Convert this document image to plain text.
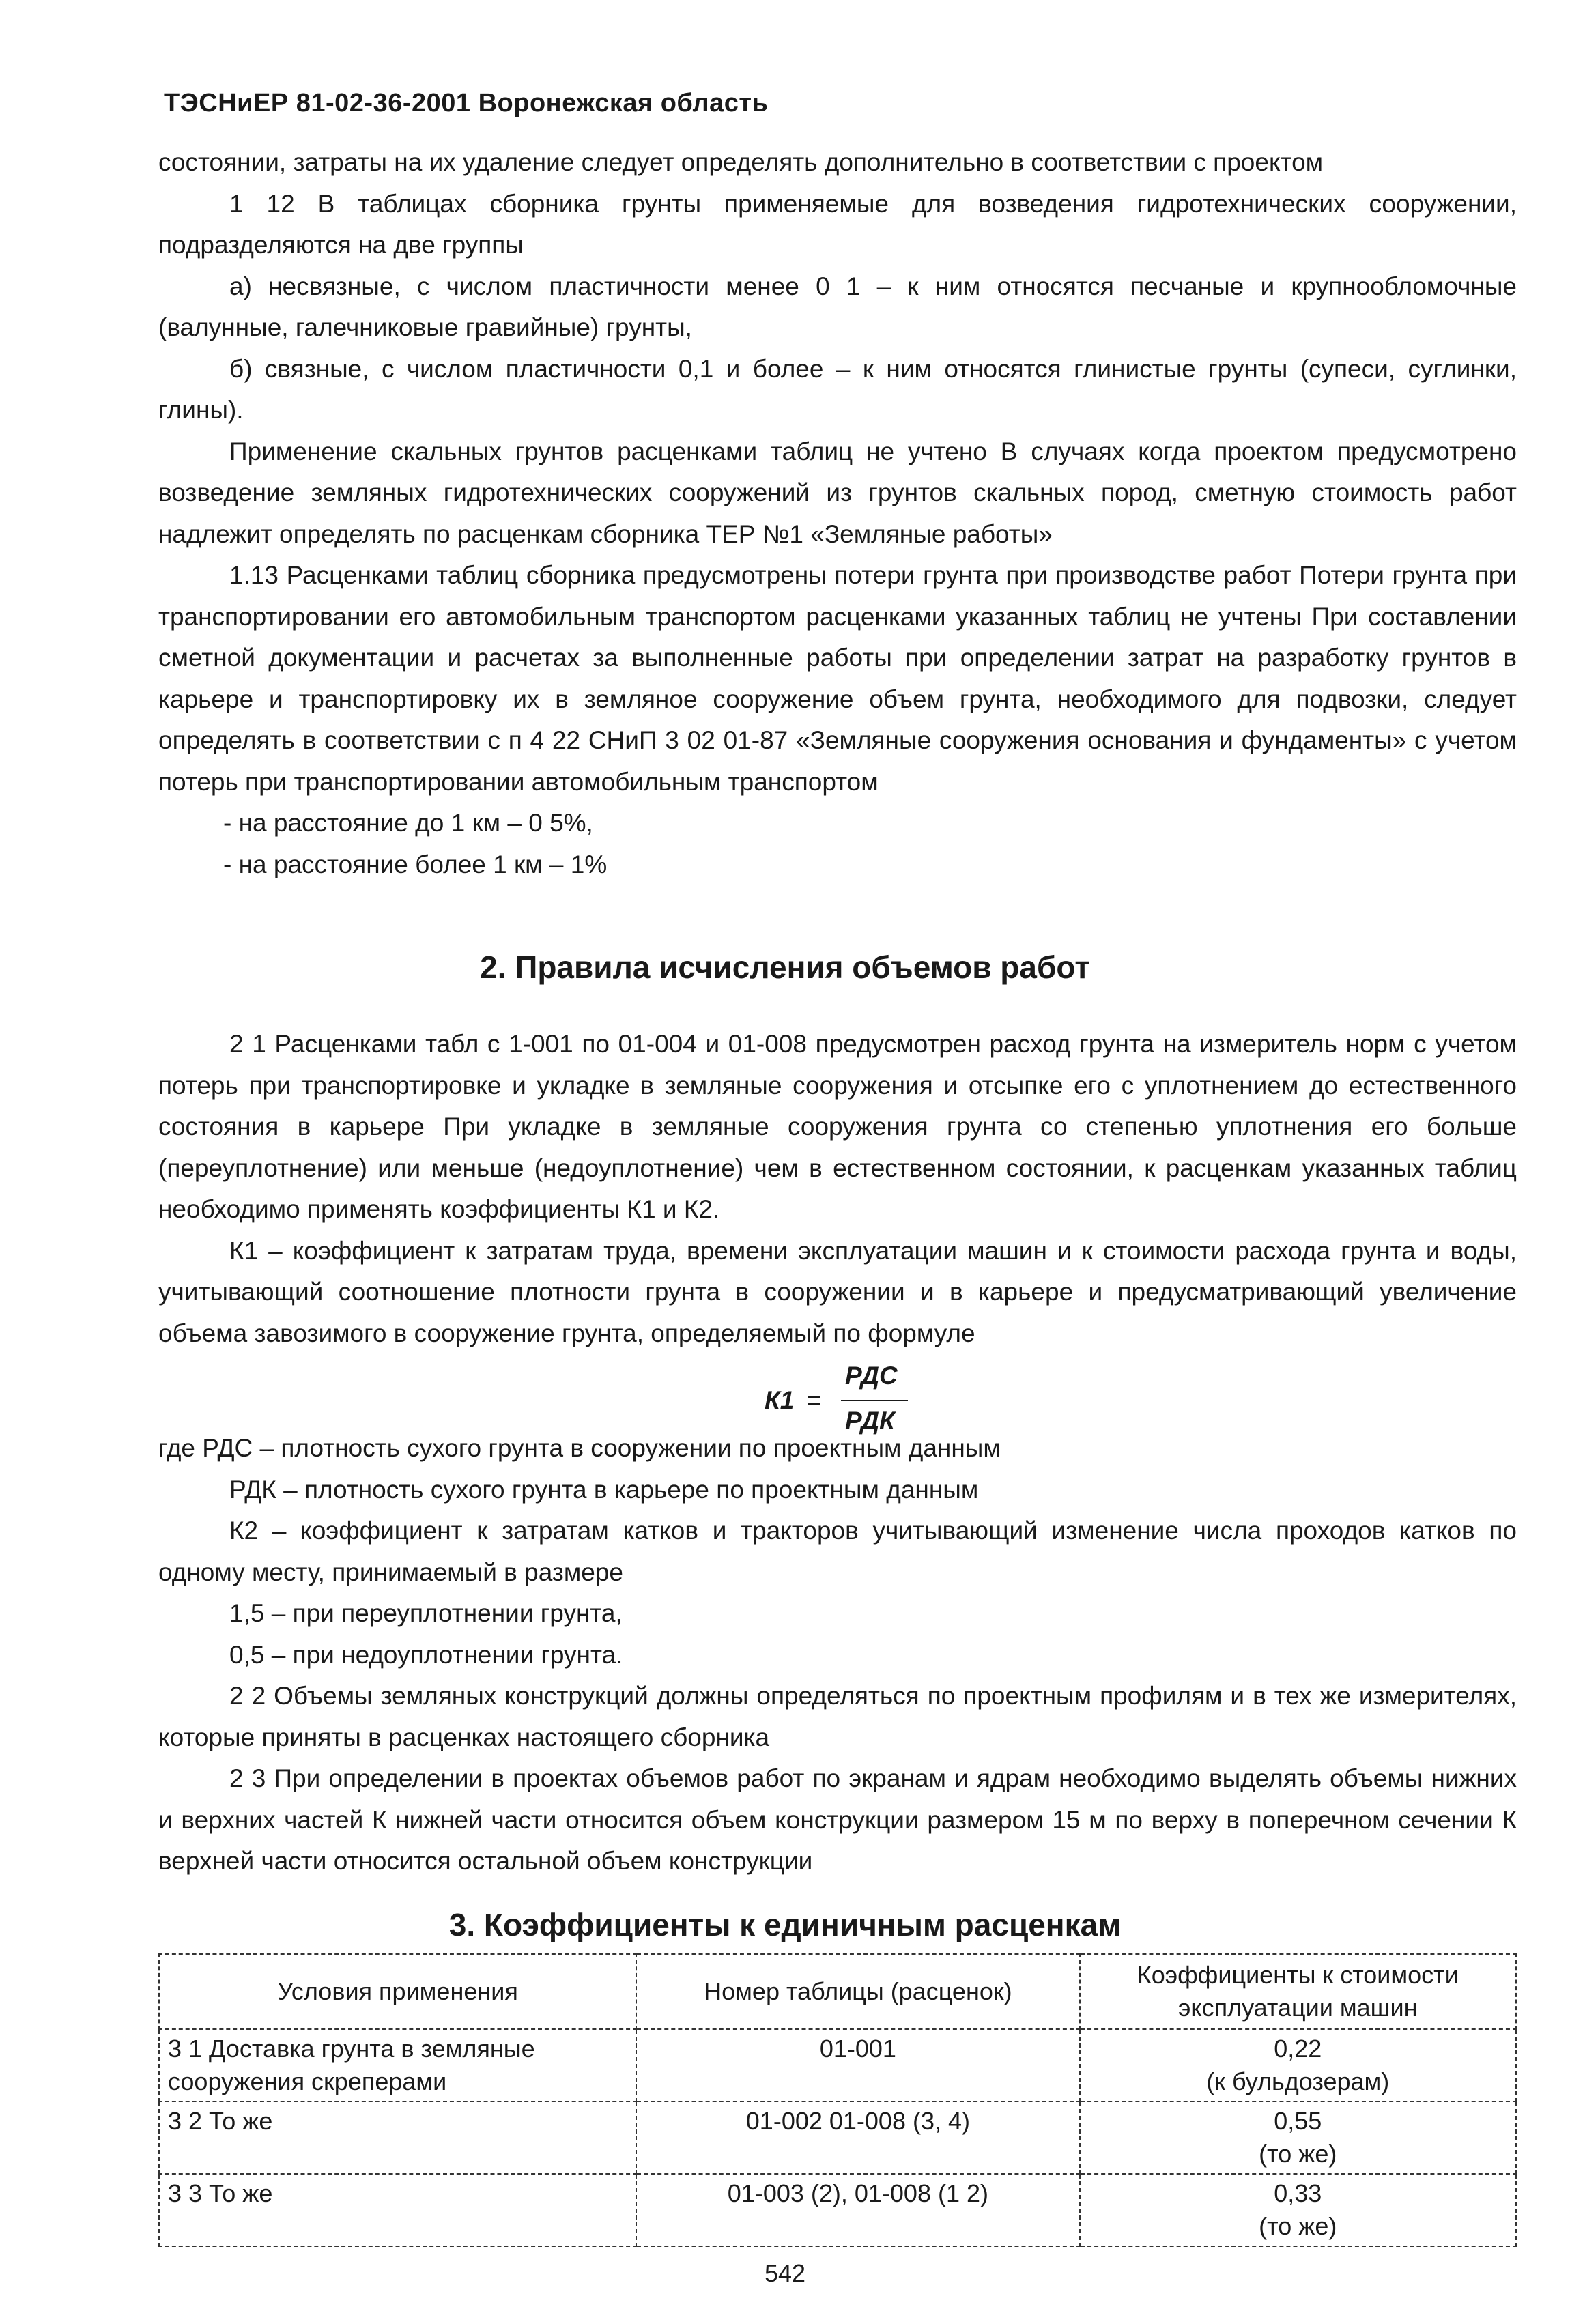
ТЭСНиЕР 81-02-36-2001 Воронежская область

состоянии, затраты на их удаление следует определять дополнительно в соответствии с проектом

1 12 В таблицах сборника грунты применяемые для возведения гидротехнических сооружении, подразделяются на две группы

а) несвязные, с числом пластичности менее 0 1 – к ним относятся песчаные и крупнообломочные (валунные, галечниковые гравийные) грунты,

б) связные, с числом пластичности 0,1 и более – к ним относятся глинистые грунты (супеси, суглинки, глины).

Применение скальных грунтов расценками таблиц не учтено В случаях когда проектом предусмотрено возведение земляных гидротехнических сооружений из грунтов скальных пород, сметную стоимость работ надлежит определять по расценкам сборника ТЕР №1 «Земляные работы»

1.13 Расценками таблиц сборника предусмотрены потери грунта при производстве работ Потери грунта при транспортировании его автомобильным транспортом расценками указанных таблиц не учтены При составлении сметной документации и расчетах за выполненные работы при определении затрат на разработку грунтов в карьере и транспортировку их в земляное сооружение объем грунта, необходимого для подвозки, следует определять в соответствии с п 4 22 СНиП 3 02 01-87 «Земляные сооружения основания и фундаменты» с учетом потерь при транспортировании автомобильным транспортом

- на расстояние до 1 км – 0 5%,

- на расстояние более 1 км – 1%

2. Правила исчисления объемов работ

2 1 Расценками табл с 1-001 по 01-004 и 01-008 предусмотрен расход грунта на измеритель норм с учетом потерь при транспортировке и укладке в земляные сооружения и отсыпке его с уплотнением до естественного состояния в карьере При укладке в земляные сооружения грунта со степенью уплотнения его больше (переуплотнение) или меньше (недоуплотнение) чем в естественном состоянии, к расценкам указанных таблиц необходимо применять коэффициенты К1 и К2.

К1 – коэффициент к затратам труда, времени эксплуатации машин и к стоимости расхода грунта и воды, учитывающий соотношение плотности грунта в сооружении и в карьере и предусматривающий увеличение объема завозимого в сооружение грунта, определяемый по формуле

К1 =
РДС
РДК

где РДС – плотность сухого грунта в сооружении по проектным данным

РДК – плотность сухого грунта в карьере по проектным данным

К2 – коэффициент к затратам катков и тракторов учитывающий изменение числа проходов катков по одному месту, принимаемый в размере

1,5 – при переуплотнении грунта,

0,5 – при недоуплотнении грунта.

2 2 Объемы земляных конструкций должны определяться по проектным профилям и в тех же измерителях, которые приняты в расценках настоящего сборника

2 3 При определении в проектах объемов работ по экранам и ядрам необходимо выделять объемы нижних и верхних частей К нижней части относится объем конструкции размером 15 м по верху в поперечном сечении К верхней части относится остальной объем конструкции

3. Коэффициенты к единичным расценкам
Условия применения	Номер таблицы (расценок)	Коэффициенты к стоимости эксплуатации машин
3 1 Доставка грунта в земляные сооружения скреперами	01-001	0,22
(к бульдозерам)

3 2 То же	01-002 01-008 (3, 4)	0,55
(то же)

3 3 То же	01-003 (2), 01-008 (1 2)	0,33
(то же)
542
